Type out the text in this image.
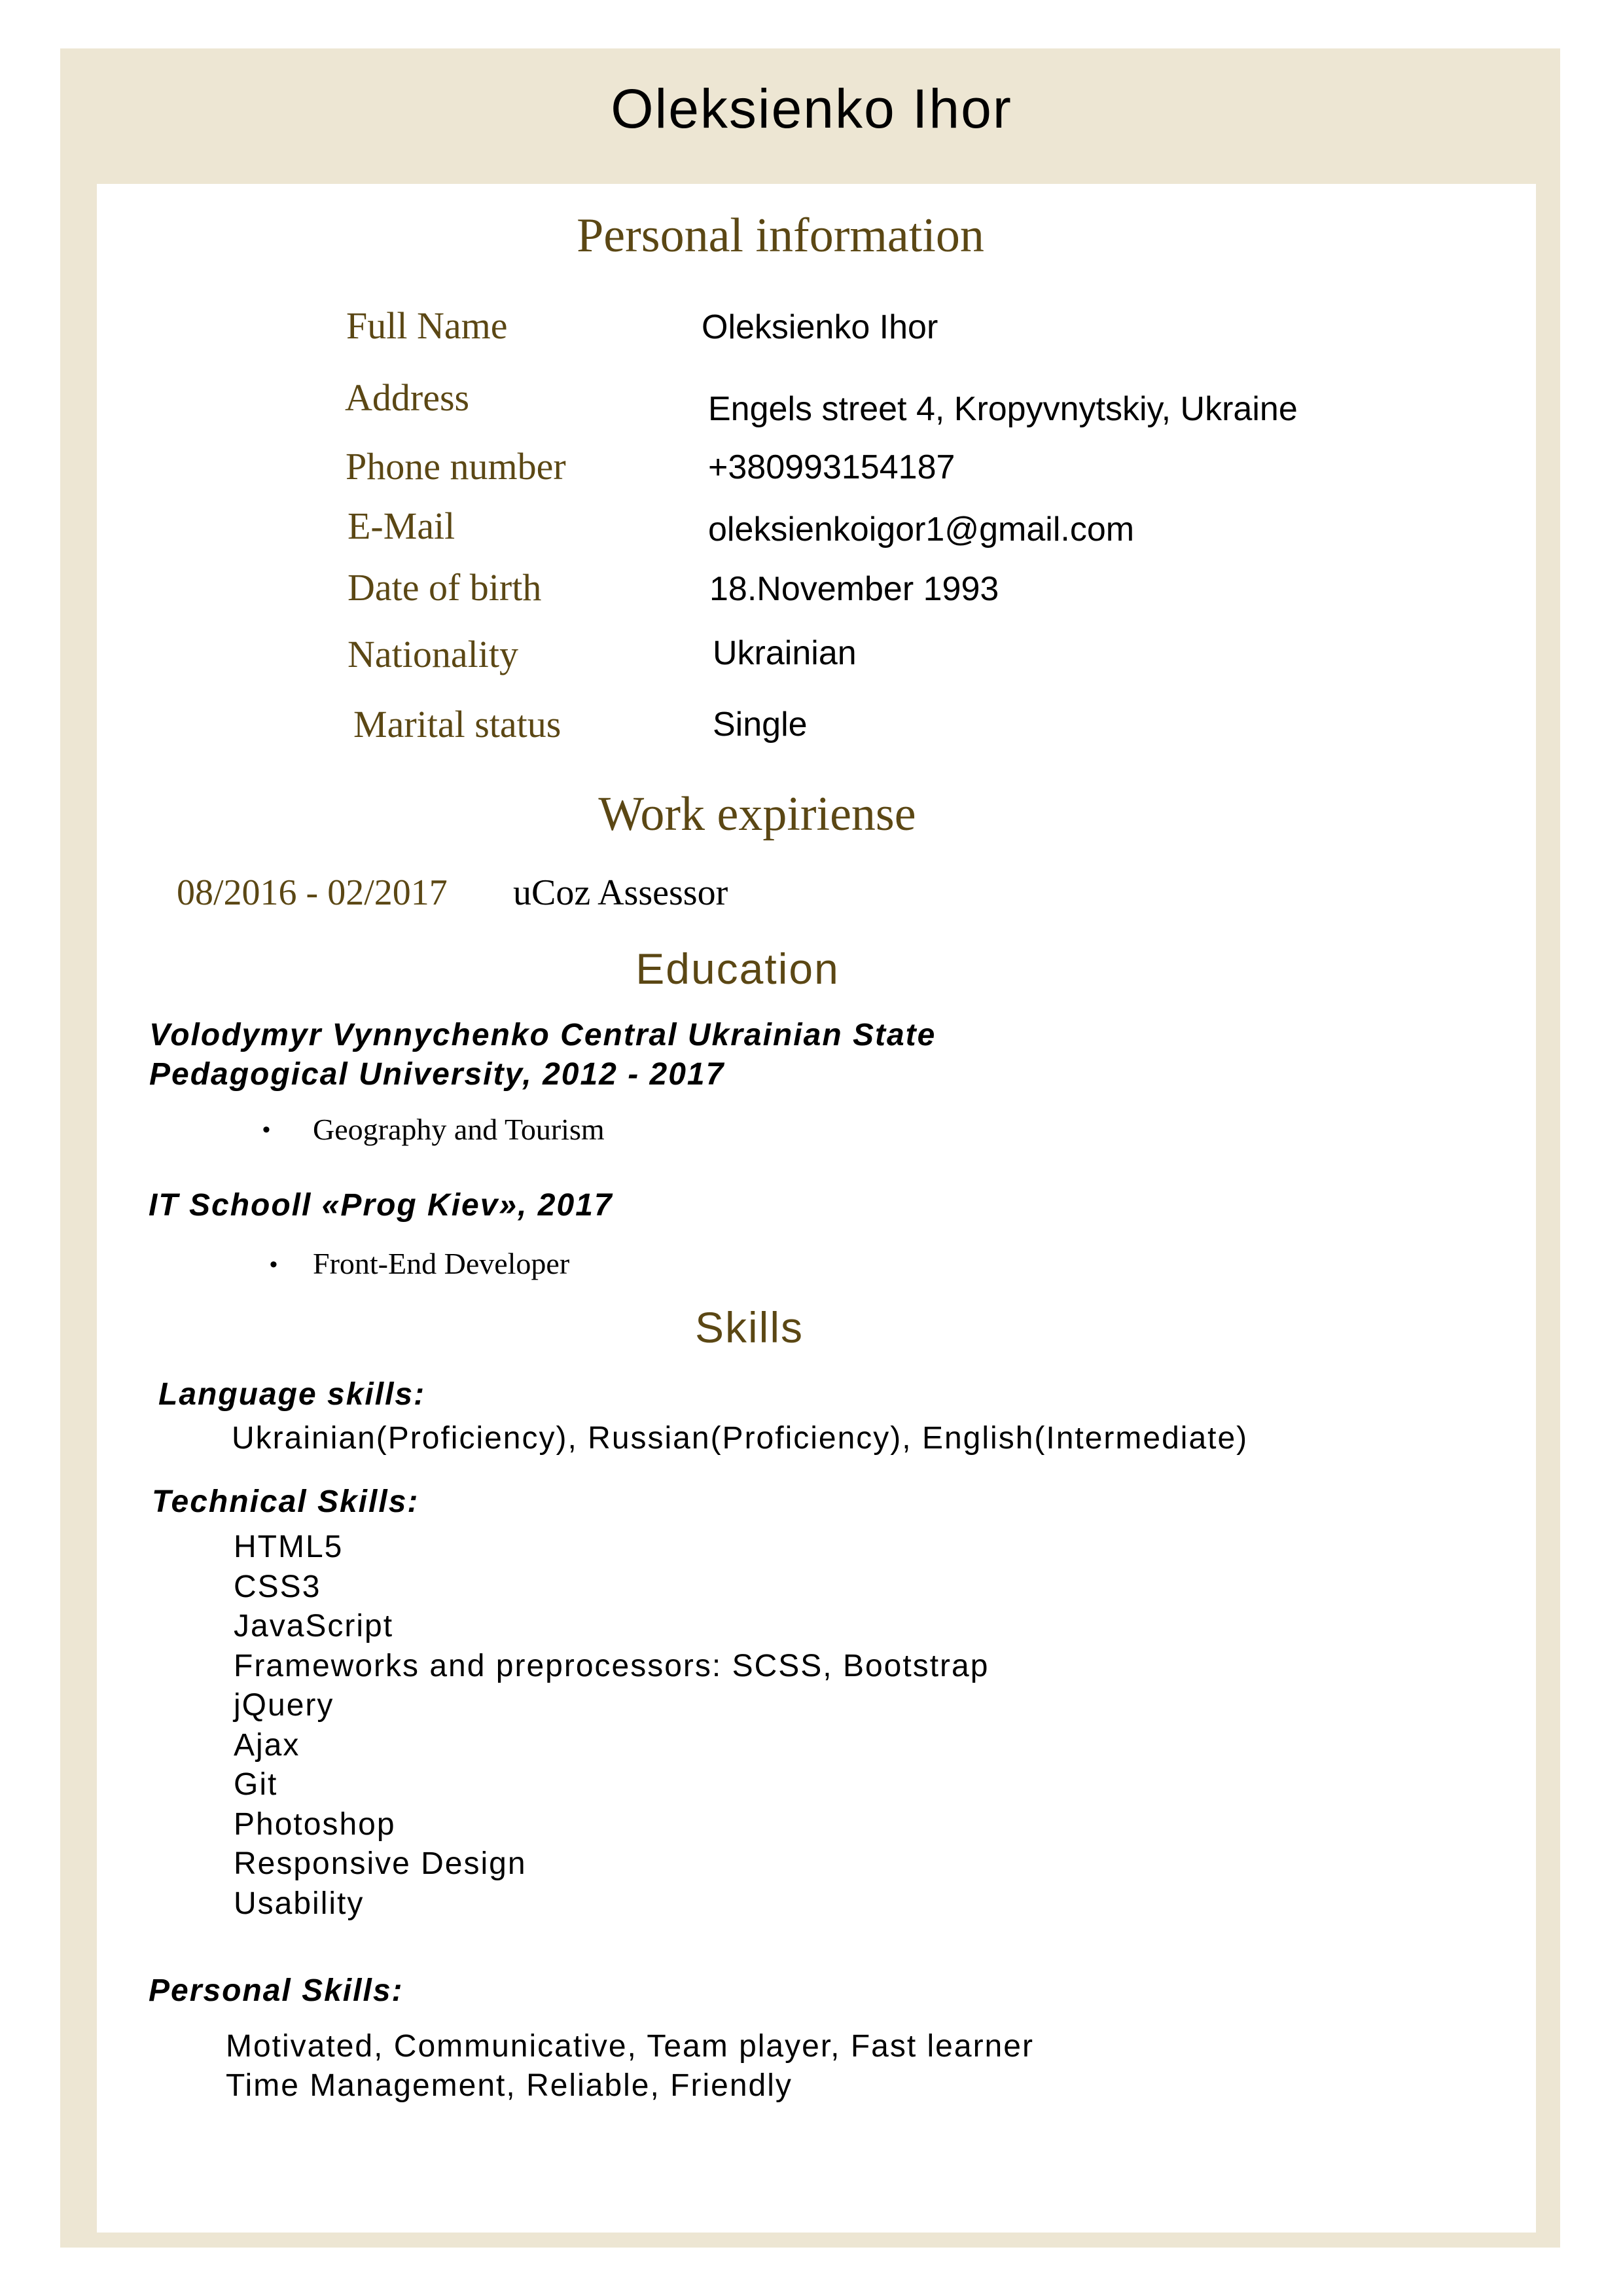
Oleksienko Ihor
Personal information
Full Name	Oleksienko Ihor
Address	Engels street 4, Kropyvnytskiy, Ukraine
Phone number	+380993154187
E-Mail	oleksienkoigor1@gmail.com
Date of birth	18.November 1993
Nationality	Ukrainian
Marital status	Single
Work expiriense
08/2016 - 02/2017 uCoz Assessor
Education
Volodymyr Vynnychenko Central Ukrainian State
Pedagogical University, 2012 - 2017
• Geography and Tourism
IT Schooll «Prog Kiev», 2017
• Front-End Developer
Skills
Language skills:
Ukrainian(Proficiency), Russian(Proficiency), English(Intermediate)
Technical Skills:
HTML5
CSS3
JavaScript
Frameworks and preprocessors: SCSS, Bootstrap
jQuery
Ajax
Git
Photoshop
Responsive Design
Usability
Personal Skills:
Motivated, Communicative, Team player, Fast learner
Time Management, Reliable, Friendly
